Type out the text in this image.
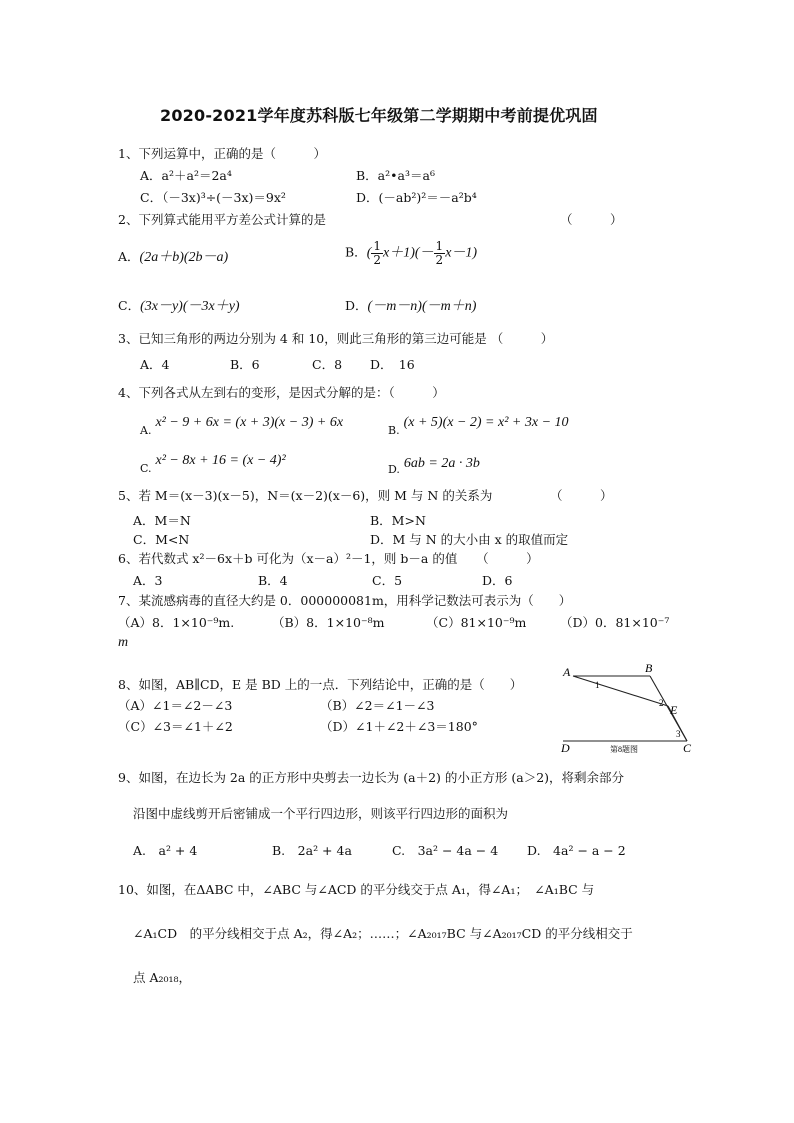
2020-2021学年度苏科版七年级第二学期期中考前提优巩固
1、下列运算中，正确的是（　　　）
A．a²＋a²＝2a⁴	B．a²•a³＝a⁶
C．（－3x)³÷(－3x)＝9x²	D．(－ab²)²＝－a²b⁴
2、下列算式能用平方差公式计算的是	（　　　）
A．(2a＋b)(2b－a)	B．( $\frac{1}{2} x+1)(- \frac{1}{2} x-1)$
C．(3x－y)(－3x＋y)	D．(－m－n)(－m＋n)
3、已知三角形的两边分别为 4 和 10，则此三角形的第三边可能是 （　　　）
A．4	B．6	C．8 D．　16
4、下列各式从左到右的变形，是因式分解的是：（　　　）
A. x² − 9 + 6x = (x + 3)(x − 3) + 6x
B. (x + 5)(x − 2) = x² + 3x − 10
C. x² − 8x + 16 = (x − 4)²
D. 6ab = 2a · 3b
5、若 M＝(x－3)(x－5)，N＝(x－2)(x－6)，则 M 与 N 的关系为	（　　　）
A．M＝N	B．M>N
C．M<N	D．M 与 N 的大小由 x 的取值而定
6、若代数式 x²－6x＋b 可化为（x－a）²－1，则 b－a 的值　　（　　　）
A．3	B．4	C．5	D．6
7、某流感病毒的直径大约是 0．000000081m，用科学记数法可表示为（　　）
（A）8．1×10⁻⁹m.	（B）8．1×10⁻⁸m	（C）81×10⁻⁹m	（D）0．81×10⁻⁷
m
8、如图，AB∥CD，E 是 BD 上的一点．下列结论中，正确的是（　　）
（A）∠1＝∠2－∠3	（B）∠2＝∠1－∠3
（C）∠3＝∠1＋∠2	（D）∠1＋∠2＋∠3＝180°
A	B
E
D	C
1
2
3
第8题图
9、如图，在边长为 2a 的正方形中央剪去一边长为 (a＋2) 的小正方形 (a＞2)，将剩余部分
沿图中虚线剪开后密铺成一个平行四边形，则该平行四边形的面积为
A.　a² + 4	B.　2a² + 4a	C.　3a² − 4a − 4 D.　4a² − a − 2
10、如图，在ΔABC 中，∠ABC 与∠ACD 的平分线交于点 A₁，得∠A₁；　∠A₁BC 与
∠A₁CD　的平分线相交于点 A₂，得∠A₂；……；∠A₂₀₁₇BC 与∠A₂₀₁₇CD 的平分线相交于
点 A₂₀₁₈，
